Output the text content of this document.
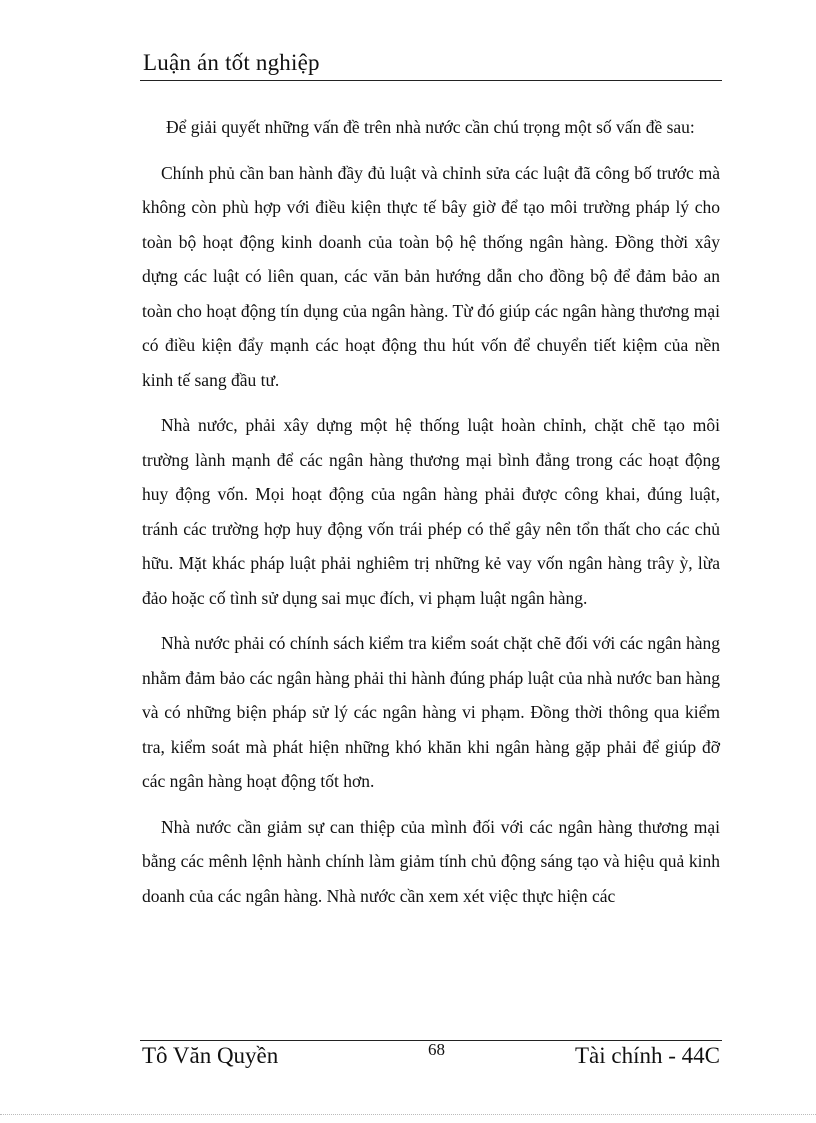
Luận án tốt nghiệp

Để giải quyết những vấn đề trên nhà nước cần chú trọng một số vấn đề sau:

Chính phủ cần ban hành đầy đủ luật và chỉnh sửa các luật đã công bố trước mà không còn phù hợp với điều kiện thực tế bây giờ để tạo môi trường pháp lý cho toàn bộ hoạt động kinh doanh của toàn bộ hệ thống ngân hàng. Đồng thời xây dựng các luật có liên quan, các văn bản hướng dẫn cho đồng bộ để đảm bảo an toàn cho hoạt động tín dụng của ngân hàng. Từ đó giúp các ngân hàng thương mại có điều kiện đẩy mạnh các hoạt động thu hút vốn để chuyển tiết kiệm của nền kinh tế sang đầu tư.

Nhà nước, phải xây dựng một hệ thống luật hoàn chỉnh, chặt chẽ tạo môi trường lành mạnh để các ngân hàng thương mại bình đẳng trong các hoạt động huy động vốn. Mọi hoạt động của ngân hàng phải được công khai, đúng luật, tránh các trường hợp huy động vốn trái phép có thể gây nên tổn thất cho các chủ hữu. Mặt khác pháp luật phải nghiêm trị những kẻ vay vốn ngân hàng trây ỳ, lừa đảo hoặc cố tình sử dụng sai mục đích, vi phạm luật ngân hàng.

Nhà nước phải có chính sách kiểm tra kiểm soát chặt chẽ đối với các ngân hàng nhằm đảm bảo các ngân hàng phải thi hành đúng pháp luật của nhà nước ban hàng và có những biện pháp sử lý các ngân hàng vi phạm. Đồng thời thông qua kiểm tra, kiểm soát mà phát hiện những khó khăn khi ngân hàng gặp phải để giúp đỡ các ngân hàng hoạt động tốt hơn.

Nhà nước cần giảm sự can thiệp của mình đối với các ngân hàng thương mại bằng các mênh lệnh hành chính làm giảm tính chủ động sáng tạo và hiệu quả kinh doanh của các ngân hàng. Nhà nước cần xem xét việc thực hiện các

Tô Văn Quyền	68	Tài chính - 44C
